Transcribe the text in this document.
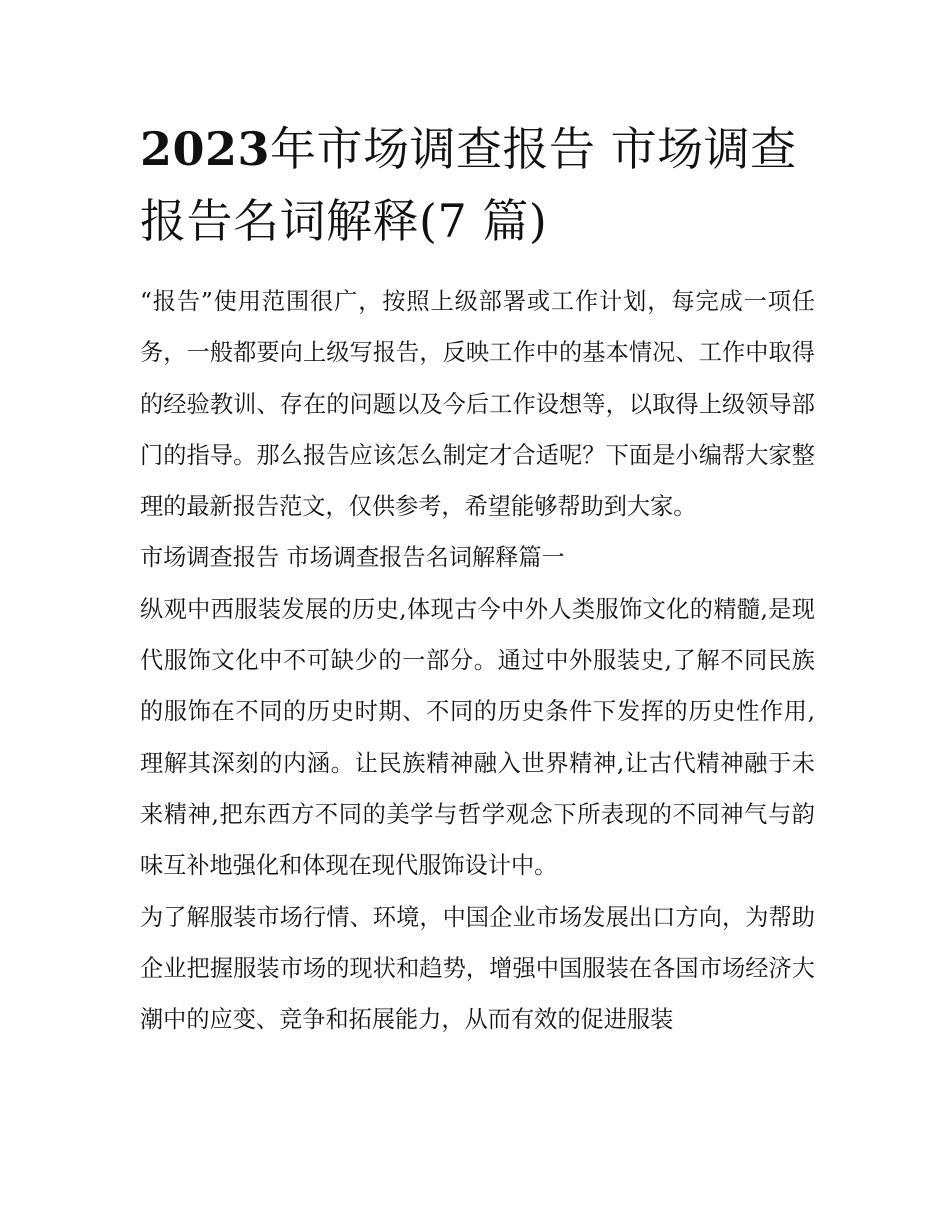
2023年市场调查报告 市场调查报告名词解释(7 篇)

“报告”使用范围很广，按照上级部署或工作计划，每完成一项任务，一般都要向上级写报告，反映工作中的基本情况、工作中取得的经验教训、存在的问题以及今后工作设想等，以取得上级领导部门的指导。那么报告应该怎么制定才合适呢？下面是小编帮大家整理的最新报告范文，仅供参考，希望能够帮助到大家。

市场调查报告 市场调查报告名词解释篇一

纵观中西服装发展的历史,体现古今中外人类服饰文化的精髓,是现代服饰文化中不可缺少的一部分。通过中外服装史,了解不同民族的服饰在不同的历史时期、不同的历史条件下发挥的历史性作用,理解其深刻的内涵。让民族精神融入世界精神,让古代精神融于未来精神,把东西方不同的美学与哲学观念下所表现的不同神气与韵味互补地强化和体现在现代服饰设计中。

为了解服装市场行情、环境，中国企业市场发展出口方向，为帮助企业把握服装市场的现状和趋势，增强中国服装在各国市场经济大潮中的应变、竞争和拓展能力，从而有效的促进服装
